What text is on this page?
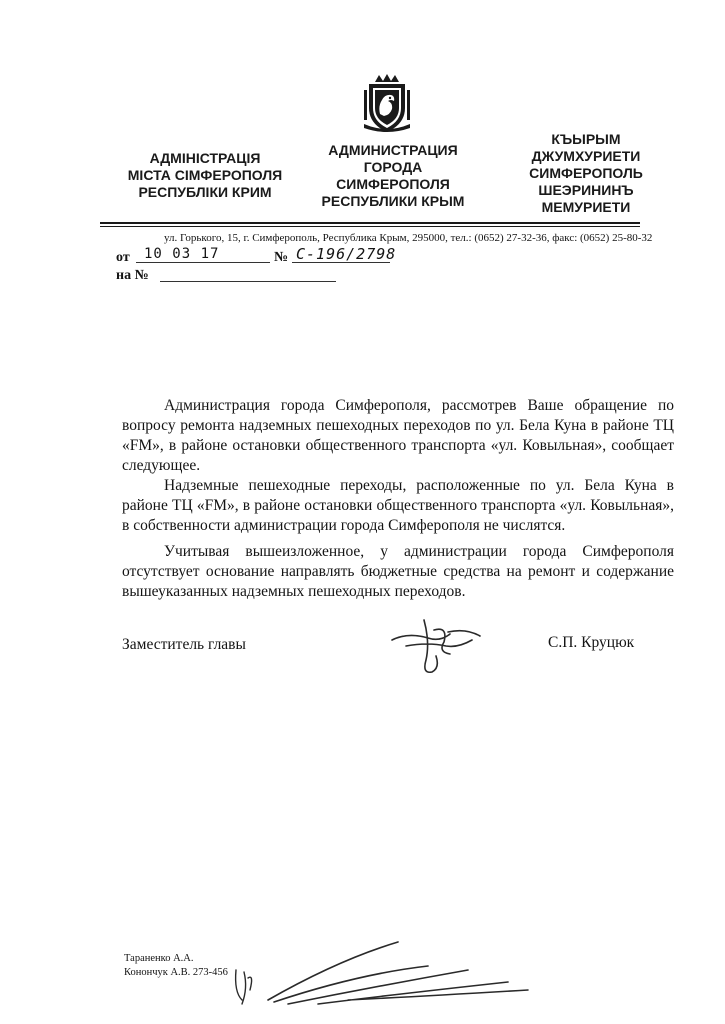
АДМІНІСТРАЦІЯ
МІСТА СІМФЕРОПОЛЯ
РЕСПУБЛІКИ КРИМ
АДМИНИСТРАЦИЯ
ГОРОДА
СИМФЕРОПОЛЯ
РЕСПУБЛИКИ КРЫМ
КЪЫРЫМ
ДЖУМХУРИЕТИ
СИМФЕРОПОЛЬ
ШЕЭРИНИНЪ
МЕМУРИЕТИ
ул. Горького, 15, г. Симферополь, Республика Крым, 295000, тел.: (0652) 27-32-36, факс: (0652) 25-80-32
от 10 03 17	№ С-196/2798
на №

Администрация города Симферополя, рассмотрев Ваше обращение по вопросу ремонта надземных пешеходных переходов по ул. Бела Куна в районе ТЦ «FM», в районе остановки общественного транспорта «ул. Ковыльная», сообщает следующее.

Надземные пешеходные переходы, расположенные по ул. Бела Куна в районе ТЦ «FM», в районе остановки общественного транспорта «ул. Ковыльная», в собственности администрации города Симферополя не числятся.

Учитывая вышеизложенное, у администрации города Симферополя отсутствует основание направлять бюджетные средства на ремонт и содержание вышеуказанных надземных пешеходных переходов.

Заместитель главы	С.П. Круцюк
Тараненко А.А.
Конончук А.В. 273-456
